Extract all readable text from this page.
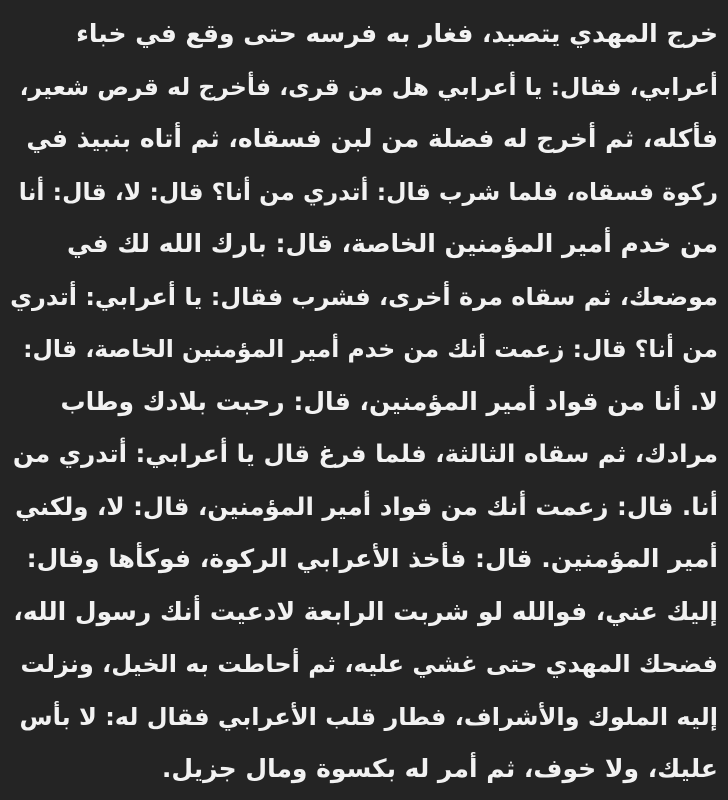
خرج المهدي يتصيد، فغار به فرسه حتى وقع في خباء
أعرابي، فقال: يا أعرابي هل من قرى، فأخرج له قرص شعير،
فأكله، ثم أخرج له فضلة من لبن فسقاه، ثم أتاه بنبيذ في
ركوة فسقاه، فلما شرب قال: أتدري من أنا؟ قال: لا، قال: أنا
من خدم أمير المؤمنين الخاصة، قال: بارك الله لك في
موضعك، ثم سقاه مرة أخرى، فشرب فقال: يا أعرابي: أتدري
من أنا؟ قال: زعمت أنك من خدم أمير المؤمنين الخاصة، قال:
لا. أنا من قواد أمير المؤمنين، قال: رحبت بلادك وطاب
مرادك، ثم سقاه الثالثة، فلما فرغ قال يا أعرابي: أتدري من
أنا. قال: زعمت أنك من قواد أمير المؤمنين، قال: لا، ولكني
أمير المؤمنين. قال: فأخذ الأعرابي الركوة، فوكأها وقال:
إليك عني، فوالله لو شربت الرابعة لادعيت أنك رسول الله،
فضحك المهدي حتى غشي عليه، ثم أحاطت به الخيل، ونزلت
إليه الملوك والأشراف، فطار قلب الأعرابي فقال له: لا بأس
عليك، ولا خوف، ثم أمر له بكسوة ومال جزيل.
